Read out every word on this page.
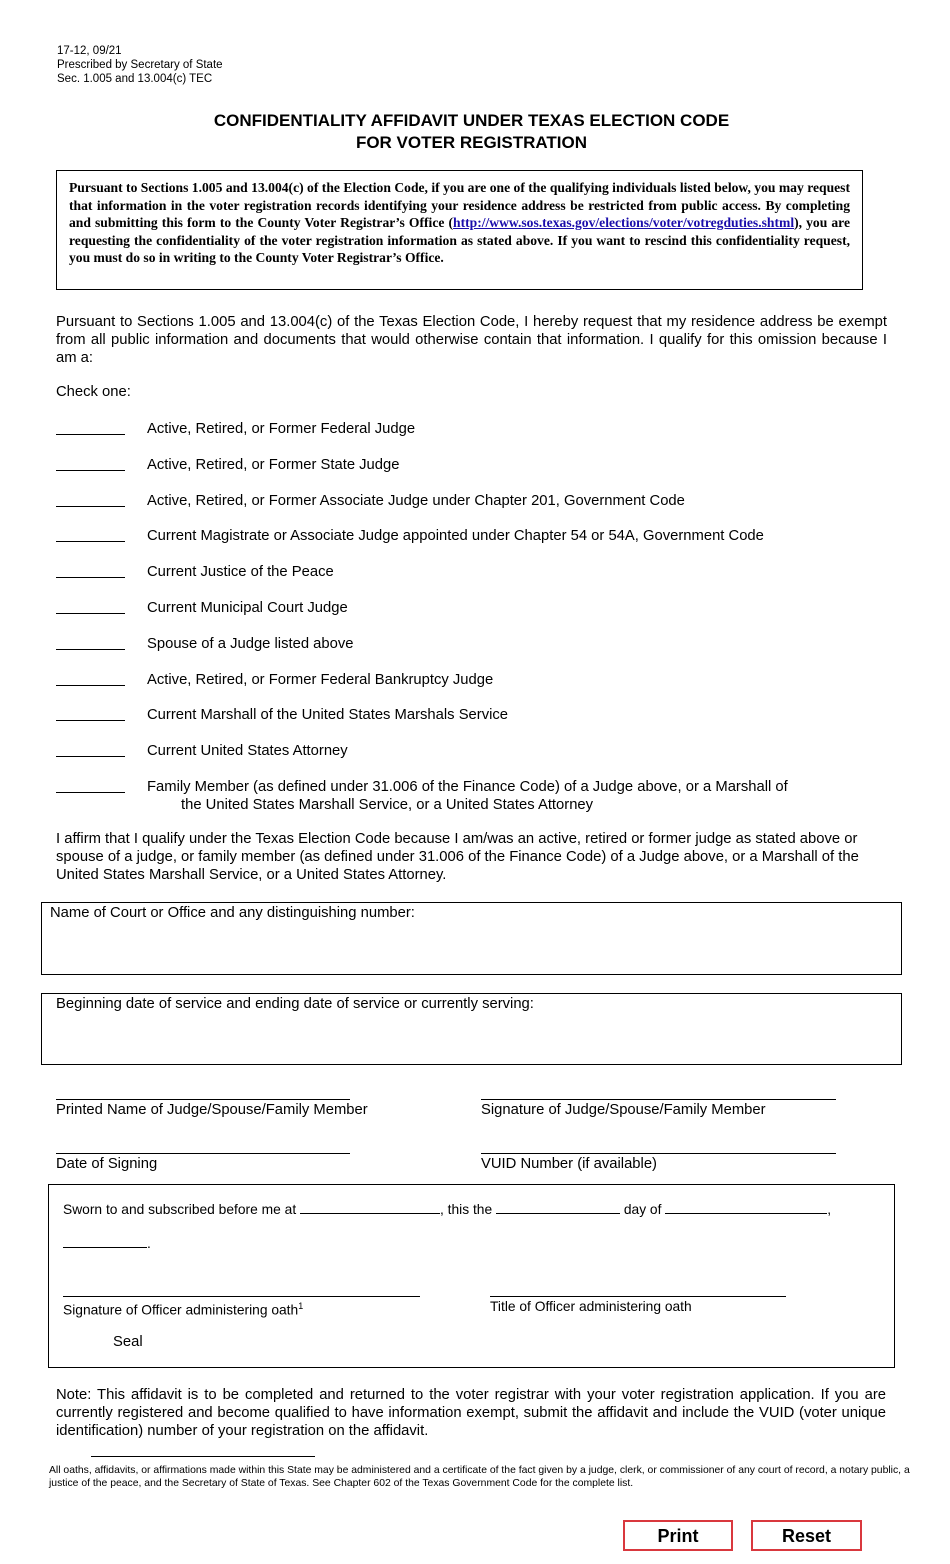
17-12, 09/21
Prescribed by Secretary of State
Sec. 1.005 and 13.004(c) TEC
CONFIDENTIALITY AFFIDAVIT UNDER TEXAS ELECTION CODE
FOR VOTER REGISTRATION
Pursuant to Sections 1.005 and 13.004(c) of the Election Code, if you are one of the qualifying individuals listed below, you may request that information in the voter registration records identifying your residence address be restricted from public access. By completing and submitting this form to the County Voter Registrar’s Office (http://www.sos.texas.gov/elections/voter/votregduties.shtml), you are requesting the confidentiality of the voter registration information as stated above. If you want to rescind this confidentiality request, you must do so in writing to the County Voter Registrar’s Office.
Pursuant to Sections 1.005 and 13.004(c) of the Texas Election Code, I hereby request that my residence address be exempt from all public information and documents that would otherwise contain that information. I qualify for this omission because I am a:
Check one:
Active, Retired, or Former Federal Judge
Active, Retired, or Former State Judge
Active, Retired, or Former Associate Judge under Chapter 201, Government Code
Current Magistrate or Associate Judge appointed under Chapter 54 or 54A, Government Code
Current Justice of the Peace
Current Municipal Court Judge
Spouse of a Judge listed above
Active, Retired, or Former Federal Bankruptcy Judge
Current Marshall of the United States Marshals Service
Current United States Attorney
Family Member (as defined under 31.006 of the Finance Code) of a Judge above, or a Marshall of
the United States Marshall Service, or a United States Attorney
I affirm that I qualify under the Texas Election Code because I am/was an active, retired or former judge as stated above or spouse of a judge, or family member (as defined under 31.006 of the Finance Code) of a Judge above, or a Marshall of the United States Marshall Service, or a United States Attorney.
Name of Court or Office and any distinguishing number:
Beginning date of service and ending date of service or currently serving:
Printed Name of Judge/Spouse/Family Member	Signature of Judge/Spouse/Family Member
Date of Signing	VUID Number (if available)
Sworn to and subscribed before me at	, this the	day of	,
.
Signature of Officer administering oath$^1$	Title of Officer administering oath
Seal
Note: This affidavit is to be completed and returned to the voter registrar with your voter registration application. If you are currently registered and become qualified to have information exempt, submit the affidavit and include the VUID (voter unique identification) number of your registration on the affidavit.
All oaths, affidavits, or affirmations made within this State may be administered and a certificate of the fact given by a judge, clerk, or commissioner of any court of record, a notary public, a justice of the peace, and the Secretary of State of Texas. See Chapter 602 of the Texas Government Code for the complete list.
Print	Reset
